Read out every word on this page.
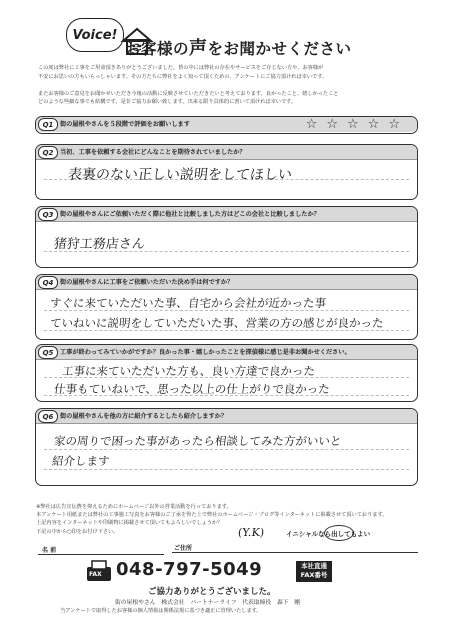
Voice!
お客様の声をお聞かせください
この度は弊社に工事をご用命頂きありがとうございました。皆の中には弊社の存在やサービスをご存じない方や、お客様が
不安にお思いの方もいらっしゃいます。その方たちに弊社をよく知って頂くための、アンケートにご協力頂ければ幸いです。

またお客様のご意見をお聞かせいただき今後の活動に反映させていただきたいと考えております。良かったこと、嬉しかったこと
どのような些細な事でも結構です。是非ご協力お願い致します。出来る限り具体的に書いて頂ければ幸いです。
Q1	街の屋根やさんを５段階で評価をお願いします	☆☆☆☆☆
Q2	当初、工事を依頼する会社にどんなことを期待されていましたか？
表裏のない正しい説明をしてほしい
Q3	街の屋根やさんにご依頼いただく際に他社と比較しました方はどこの会社と比較しましたか？
猪狩工務店さん
Q4	街の屋根やさんに工事をご依頼いただいた決め手は何ですか？
すぐに来ていただいた事、自宅から会社が近かった事
ていねいに説明をしていただいた事、営業の方の感じが良かった
Q5	工事が終わってみていかがですか？良かった事・嬉しかったことを探偵様に感じ是非お聞かせください。
工事に来ていただいた方も、良い方達で良かった
仕事もていねいで、思った以上の仕上がりで良かった
Q6	街の屋根やさんを他の方に紹介するとしたら紹介しますか？
家の周りで困った事があったら相談してみた方がいいと
紹介します
※弊社は広告宣伝費を抑えるためにホームページ以外の営業活動を行っております。
本アンケート用紙または弊社の工事施工写真をお客様のご了承を得た上で弊社のホームページ・ブログ等インターネットに掲載させて頂いております。
上記内容をインターネットや印刷物に掲載させて頂いてもよろしいでしょうか？
下記の中から○印をお付け下さい。
名 前	ご住所
(Y.K)	イニシャルなら出してもよい
FAX 048-797-5049	本社直通
FAX番号
ご協力ありがとうございました。
街の屋根やさん　株式会社　パートナーライフ　代表取締役　森下　剛
当アンケートで取得したお客様の個人情報は関係法規に基づき適正に管理いたします。
